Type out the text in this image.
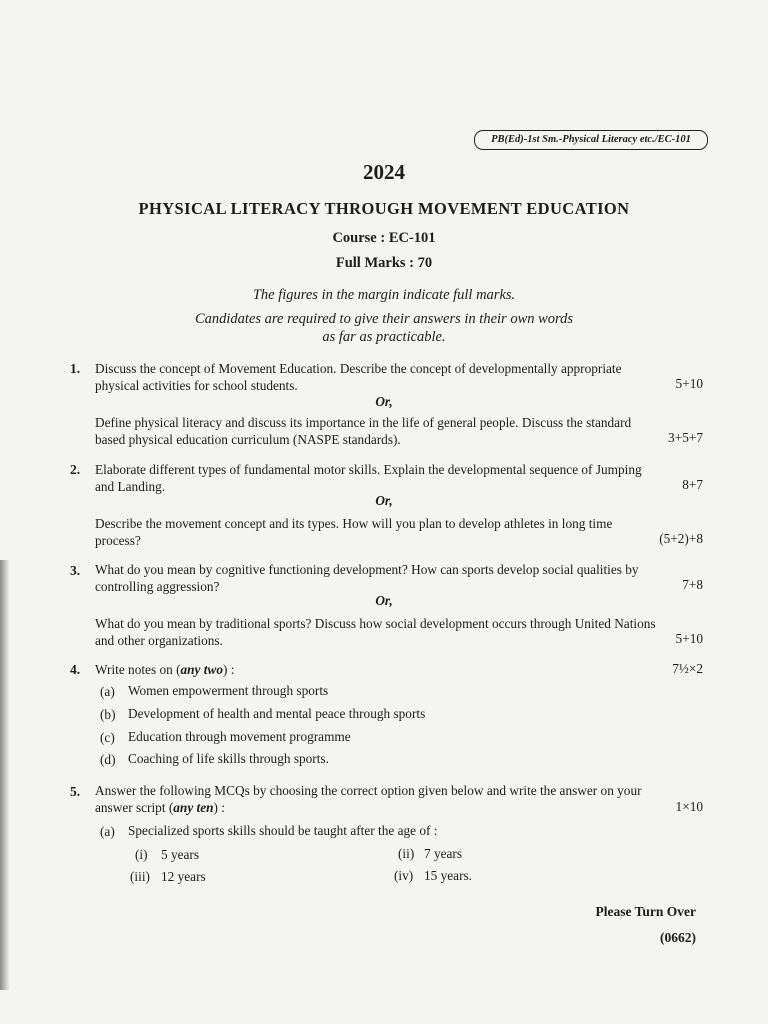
PB(Ed)-1st Sm.-Physical Literacy etc./EC-101
2024
PHYSICAL LITERACY THROUGH MOVEMENT EDUCATION
Course : EC-101
Full Marks : 70
The figures in the margin indicate full marks.
Candidates are required to give their answers in their own words
as far as practicable.
1. Discuss the concept of Movement Education. Describe the concept of developmentally appropriate
physical activities for school students.	5+10
Or,
Define physical literacy and discuss its importance in the life of general people. Discuss the standard
based physical education curriculum (NASPE standards).	3+5+7
2. Elaborate different types of fundamental motor skills. Explain the developmental sequence of Jumping
and Landing.	8+7
Or,
Describe the movement concept and its types. How will you plan to develop athletes in long time
process?	(5+2)+8
3. What do you mean by cognitive functioning development? How can sports develop social qualities by
controlling aggression?	7+8
Or,
What do you mean by traditional sports? Discuss how social development occurs through United Nations
and other organizations.	5+10
4. Write notes on (any two) :	7½×2
(a) Women empowerment through sports
(b) Development of health and mental peace through sports
(c) Education through movement programme
(d) Coaching of life skills through sports.
5. Answer the following MCQs by choosing the correct option given below and write the answer on your
answer script (any ten) :	1×10
(a) Specialized sports skills should be taught after the age of :
(i) 5 years	(ii) 7 years
(iii) 12 years	(iv) 15 years.
Please Turn Over
(0662)
